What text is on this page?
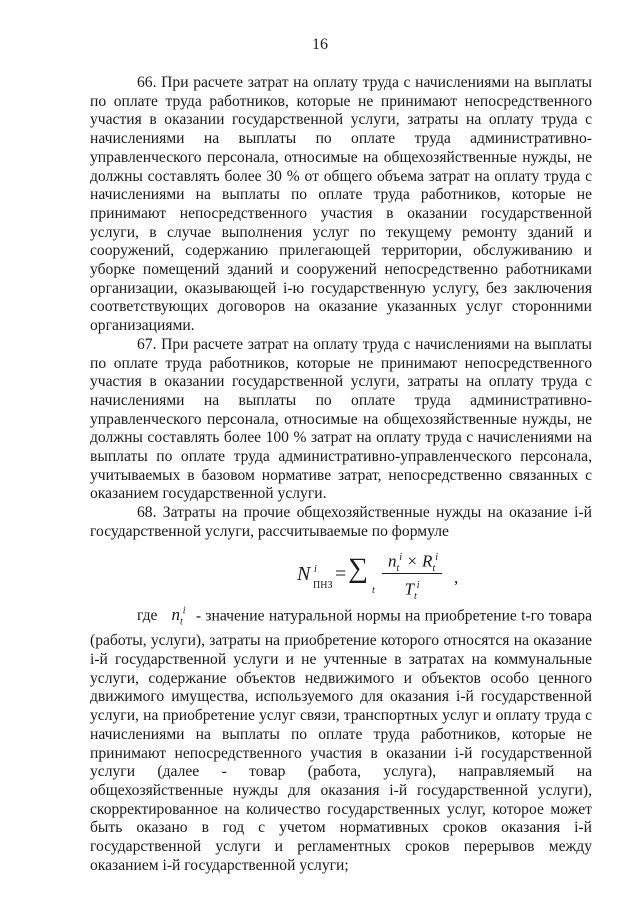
16

66. При расчете затрат на оплату труда с начислениями на выплаты по оплате труда работников, которые не принимают непосредственного участия в оказании государственной услуги, затраты на оплату труда с начислениями на выплаты по оплате труда административно-управленческого персонала, относимые на общехозяйственные нужды, не должны составлять более 30 % от общего объема затрат на оплату труда с начислениями на выплаты по оплате труда работников, которые не принимают непосредственного участия в оказании государственной услуги, в случае выполнения услуг по текущему ремонту зданий и сооружений, содержанию прилегающей территории, обслуживанию и уборке помещений зданий и сооружений непосредственно работниками организации, оказывающей i-ю государственную услугу, без заключения соответствующих договоров на оказание указанных услуг сторонними организациями.

67. При расчете затрат на оплату труда с начислениями на выплаты по оплате труда работников, которые не принимают непосредственного участия в оказании государственной услуги, затраты на оплату труда с начислениями на выплаты по оплате труда административно-управленческого персонала, относимые на общехозяйственные нужды, не должны составлять более 100 % затрат на оплату труда с начислениями на выплаты по оплате труда административно-управленческого персонала, учитываемых в базовом нормативе затрат, непосредственно связанных с оказанием государственной услуги.

68. Затраты на прочие общехозяйственные нужды на оказание i-й государственной услуги, рассчитываемые по формуле

N i
ПНЗ
= ∑
t
$n_t^i \times R_t^i$
$T_t^i$	,

где $n_t^i$ - значение натуральной нормы на приобретение t-го товара (работы, услуги), затраты на приобретение которого относятся на оказание i-й государственной услуги и не учтенные в затратах на коммунальные услуги, содержание объектов недвижимого и объектов особо ценного движимого имущества, используемого для оказания i-й государственной услуги, на приобретение услуг связи, транспортных услуг и оплату труда с начислениями на выплаты по оплате труда работников, которые не принимают непосредственного участия в оказании i-й государственной услуги (далее - товар (работа, услуга), направляемый на общехозяйственные нужды для оказания i-й государственной услуги), скорректированное на количество государственных услуг, которое может быть оказано в год с учетом нормативных сроков оказания i-й государственной услуги и регламентных сроков перерывов между оказанием i-й государственной услуги;
